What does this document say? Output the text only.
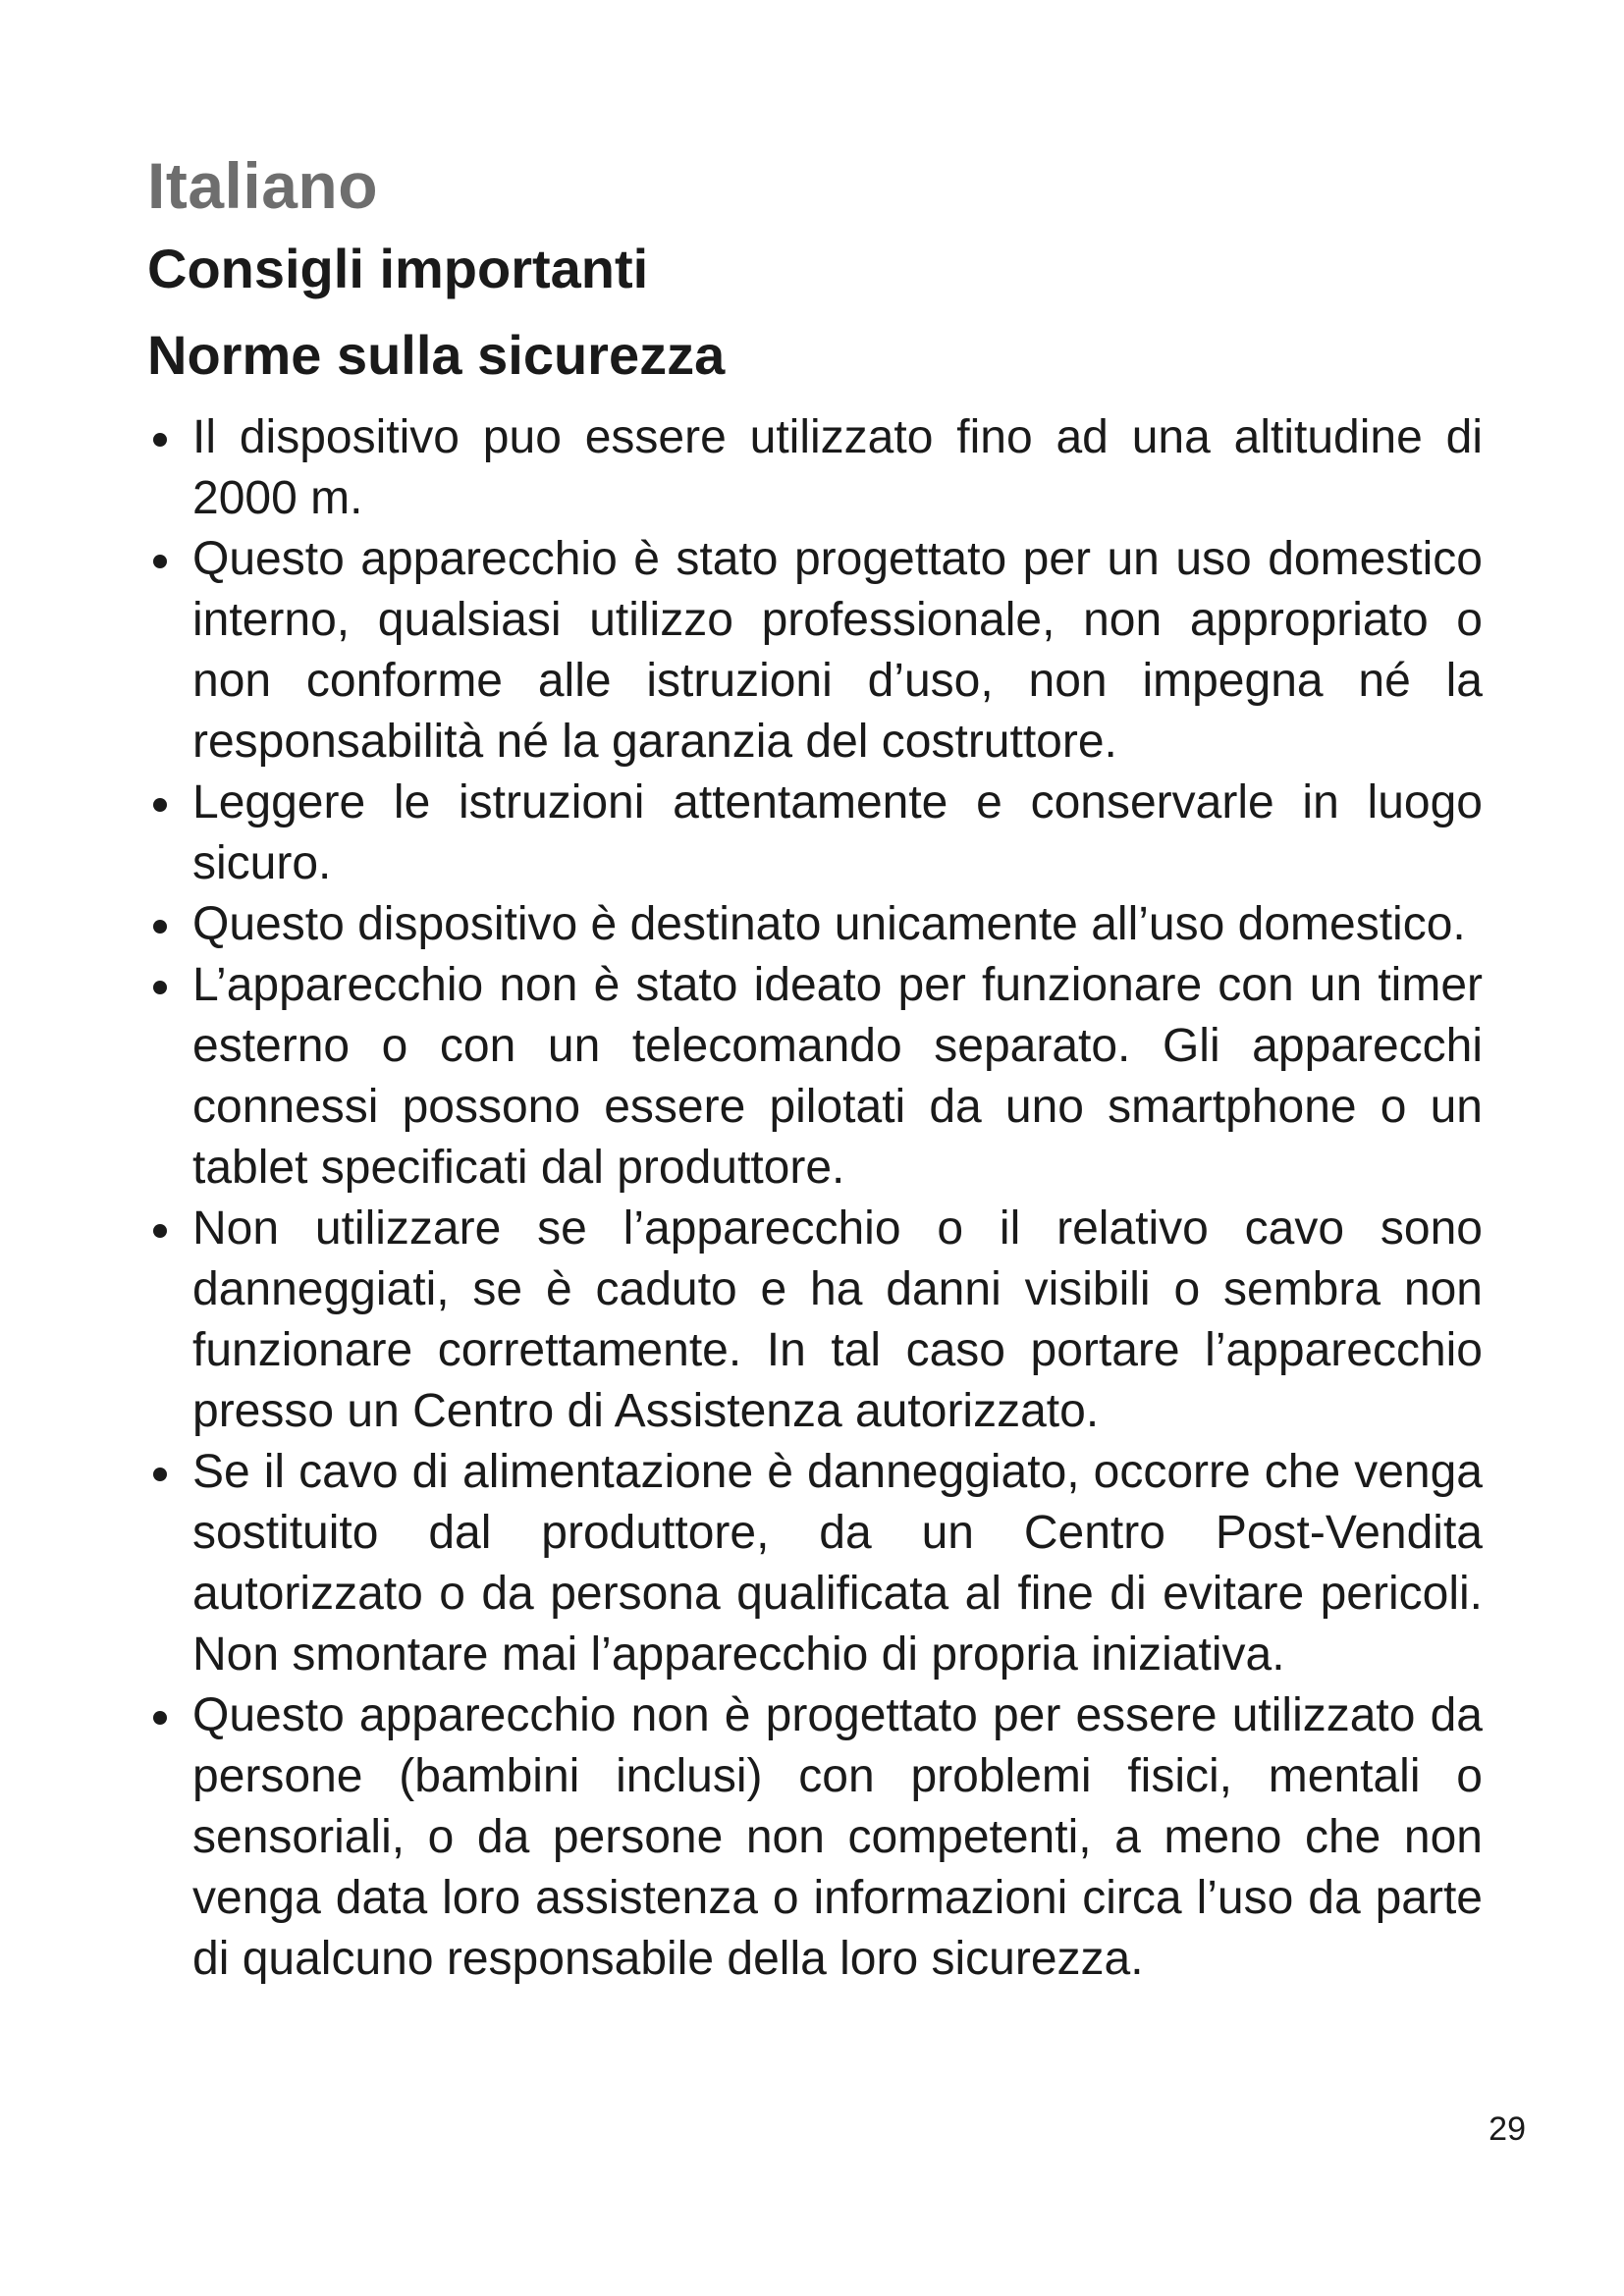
Italiano
Consigli importanti
Norme sulla sicurezza
Il dispositivo puo essere utilizzato fino ad una altitudine di 2000 m.
Questo apparecchio è stato progettato per un uso domestico interno, qualsiasi utilizzo professionale, non appropriato o non conforme alle istruzioni d’uso, non impegna né la responsabilità né la garanzia del costruttore.
Leggere le istruzioni attentamente e conservarle in luogo sicuro.
Questo dispositivo è destinato unicamente all’uso domestico.
L’apparecchio non è stato ideato per funzionare con un timer esterno o con un telecomando separato. Gli apparecchi connessi possono essere pilotati da uno smartphone o un tablet specificati dal produttore.
Non utilizzare se l’apparecchio o il relativo cavo sono danneggiati, se è caduto e ha danni visibili o sembra non funzionare correttamente. In tal caso portare l’apparecchio presso un Centro di Assistenza autorizzato.
Se il cavo di alimentazione è danneggiato, occorre che venga sostituito dal produttore, da un Centro Post-Vendita autorizzato o da persona qualificata al fine di evitare pericoli. Non smontare mai l’apparecchio di propria iniziativa.
Questo apparecchio non è progettato per essere utilizzato da persone (bambini inclusi) con problemi fisici, mentali o sensoriali, o da persone non competenti, a meno che non venga data loro assistenza o informazioni circa l’uso da parte di qualcuno responsabile della loro sicurezza.
29
